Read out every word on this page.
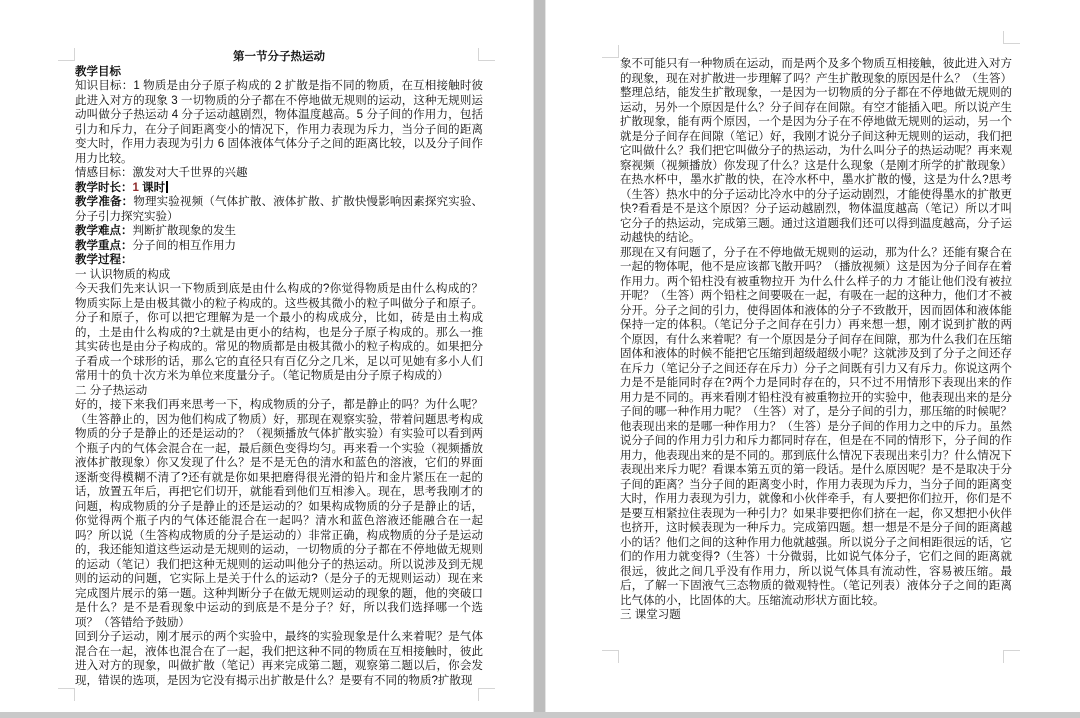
第一节分子热运动

教学目标

知识目标：1 物质是由分子原子构成的 2 扩散是指不同的物质，在互相接触时彼此进入对方的现象 3 一切物质的分子都在不停地做无规则的运动，这种无规则运动叫做分子热运动 4 分子运动越剧烈，物体温度越高。5 分子间的作用力，包括引力和斥力，在分子间距离变小的情况下，作用力表现为斥力，当分子间的距离变大时，作用力表现为引力 6 固体液体气体分子之间的距离比较，以及分子间作用力比较。

情感目标：激发对大千世界的兴趣

教学时长：1 课时

教学准备：物理实验视频（气体扩散、液体扩散、扩散快慢影响因素探究实验、分子引力探究实验）

教学难点：判断扩散现象的发生

教学重点：分子间的相互作用力

教学过程：

一 认识物质的构成

今天我们先来认识一下物质到底是由什么构成的?你觉得物质是由什么构成的？物质实际上是由极其微小的粒子构成的。这些极其微小的粒子叫做分子和原子。分子和原子，你可以把它理解为是一个最小的构成成分，比如，砖是由土构成的，土是由什么构成的?土就是由更小的结构，也是分子原子构成的。那么一推其实砖也是由分子构成的。常见的物质都是由极其微小的粒子构成的。如果把分子看成一个球形的话，那么它的直径只有百亿分之几米，足以可见她有多小人们常用十的负十次方米为单位来度量分子。（笔记物质是由分子原子构成的）

二 分子热运动

好的，接下来我们再来思考一下，构成物质的分子，都是静止的吗？为什么呢？（生答静止的，因为他们构成了物质）好，那现在观察实验，带着问题思考构成物质的分子是静止的还是运动的？（视频播放气体扩散实验）有实验可以看到两个瓶子内的气体会混合在一起，最后颜色变得均匀。再来看一个实验（视频播放液体扩散现象）你又发现了什么？是不是无色的清水和蓝色的溶液，它们的界面逐渐变得模糊不清了?还有就是你如果把磨得很光滑的铅片和金片紧压在一起的话，放置五年后，再把它们切开，就能看到他们互相渗入。现在，思考我刚才的问题，构成物质的分子是静止的还是运动的？如果构成物质的分子是静止的话，你觉得两个瓶子内的气体还能混合在一起吗？清水和蓝色溶液还能融合在一起吗？所以说（生答构成物质的分子是运动的）非常正确，构成物质的分子是运动的，我还能知道这些运动是无规则的运动，一切物质的分子都在不停地做无规则的运动（笔记）我们把这种无规则的运动叫他分子的热运动。所以说涉及到无规则的运动的问题，它实际上是关于什么的运动?（是分子的无规则运动）现在来完成图片展示的第一题。这种判断分子在做无规则运动的现象的题，他的突破口是什么？是不是看现象中运动的到底是不是分子？好，所以我们选择哪一个选项？（答错给予鼓励）

回到分子运动，刚才展示的两个实验中，最终的实验现象是什么来着呢？是气体混合在一起，液体也混合在了一起，我们把这种不同的物质在互相接触时，彼此进入对方的现象，叫做扩散（笔记）再来完成第二题，观察第二题以后，你会发现，错误的选项，是因为它没有揭示出扩散是什么？是要有不同的物质?扩散现

象不可能只有一种物质在运动，而是两个及多个物质互相接触，彼此进入对方的现象，现在对扩散进一步理解了吗？产生扩散现象的原因是什么？（生答）整理总结，能发生扩散现象，一是因为一切物质的分子都在不停地做无规则的运动，另外一个原因是什么？分子间存在间隙。有空才能插入吧。所以说产生扩散现象，能有两个原因，一个是因为分子在不停地做无规则的运动，另一个就是分子间存在间隙（笔记）好，我刚才说分子间这种无规则的运动，我们把它叫做什么？我们把它叫做分子的热运动，为什么叫分子的热运动呢？再来观察视频（视频播放）你发现了什么？这是什么现象（是刚才所学的扩散现象）在热水杯中，墨水扩散的快，在冷水杯中，墨水扩散的慢，这是为什么?思考（生答）热水中的分子运动比冷水中的分子运动剧烈，才能使得墨水的扩散更快?看看是不是这个原因？分子运动越剧烈，物体温度越高（笔记）所以才叫它分子的热运动，完成第三题。通过这道题我们还可以得到温度越高，分子运动越快的结论。

那现在又有问题了，分子在不停地做无规则的运动，那为什么？还能有聚合在一起的物体呢，他不是应该都飞散开吗？（播放视频）这是因为分子间存在着作用力。两个铅柱没有被重物拉开 为什么什么样子的力 才能让他们没有被拉开呢？（生答）两个铅柱之间要吸在一起，有吸在一起的这种力，他们才不被分开。分子之间的引力，使得固体和液体的分子不致散开，因而固体和液体能保持一定的体积。（笔记分子之间存在引力）再来想一想，刚才说到扩散的两个原因，有什么来着呢？有一个原因是分子间存在间隙，那为什么我们在压缩固体和液体的时候不能把它压缩到超级超级小呢？这就涉及到了分子之间还存在斥力（笔记分子之间还存在斥力）分子之间既有引力又有斥力。你说这两个力是不是能同时存在?两个力是同时存在的，只不过不用情形下表现出来的作用力是不同的。再来看刚才铅柱没有被重物拉开的实验中，他表现出来的是分子间的哪一种作用力呢？（生答）对了，是分子间的引力，那压缩的时候呢？他表现出来的是哪一种作用力？（生答）是分子间的作用力之中的斥力。虽然说分子间的作用力引力和斥力都同时存在，但是在不同的情形下，分子间的作用力，他表现出来的是不同的。那到底什么情况下表现出来引力？什么情况下表现出来斥力呢？看课本第五页的第一段话。是什么原因呢？是不是取决于分子间的距离？当分子间的距离变小时，作用力表现为斥力，当分子间的距离变大时，作用力表现为引力，就像和小伙伴牵手，有人要把你们拉开，你们是不是要互相紧拉住表现为一种引力？如果非要把你们挤在一起，你又想把小伙伴也挤开，这时候表现为一种斥力。完成第四题。想一想是不是分子间的距离越小的话？他们之间的这种作用力他就越强。所以说分子之间相距很远的话，它们的作用力就变得?（生答）十分微弱，比如说气体分子，它们之间的距离就很远，彼此之间几乎没有作用力，所以说气体具有流动性，容易被压缩。最后，了解一下固液气三态物质的微观特性。（笔记列表）液体分子之间的距离比气体的小，比固体的大。压缩流动形状方面比较。

三 课堂习题
